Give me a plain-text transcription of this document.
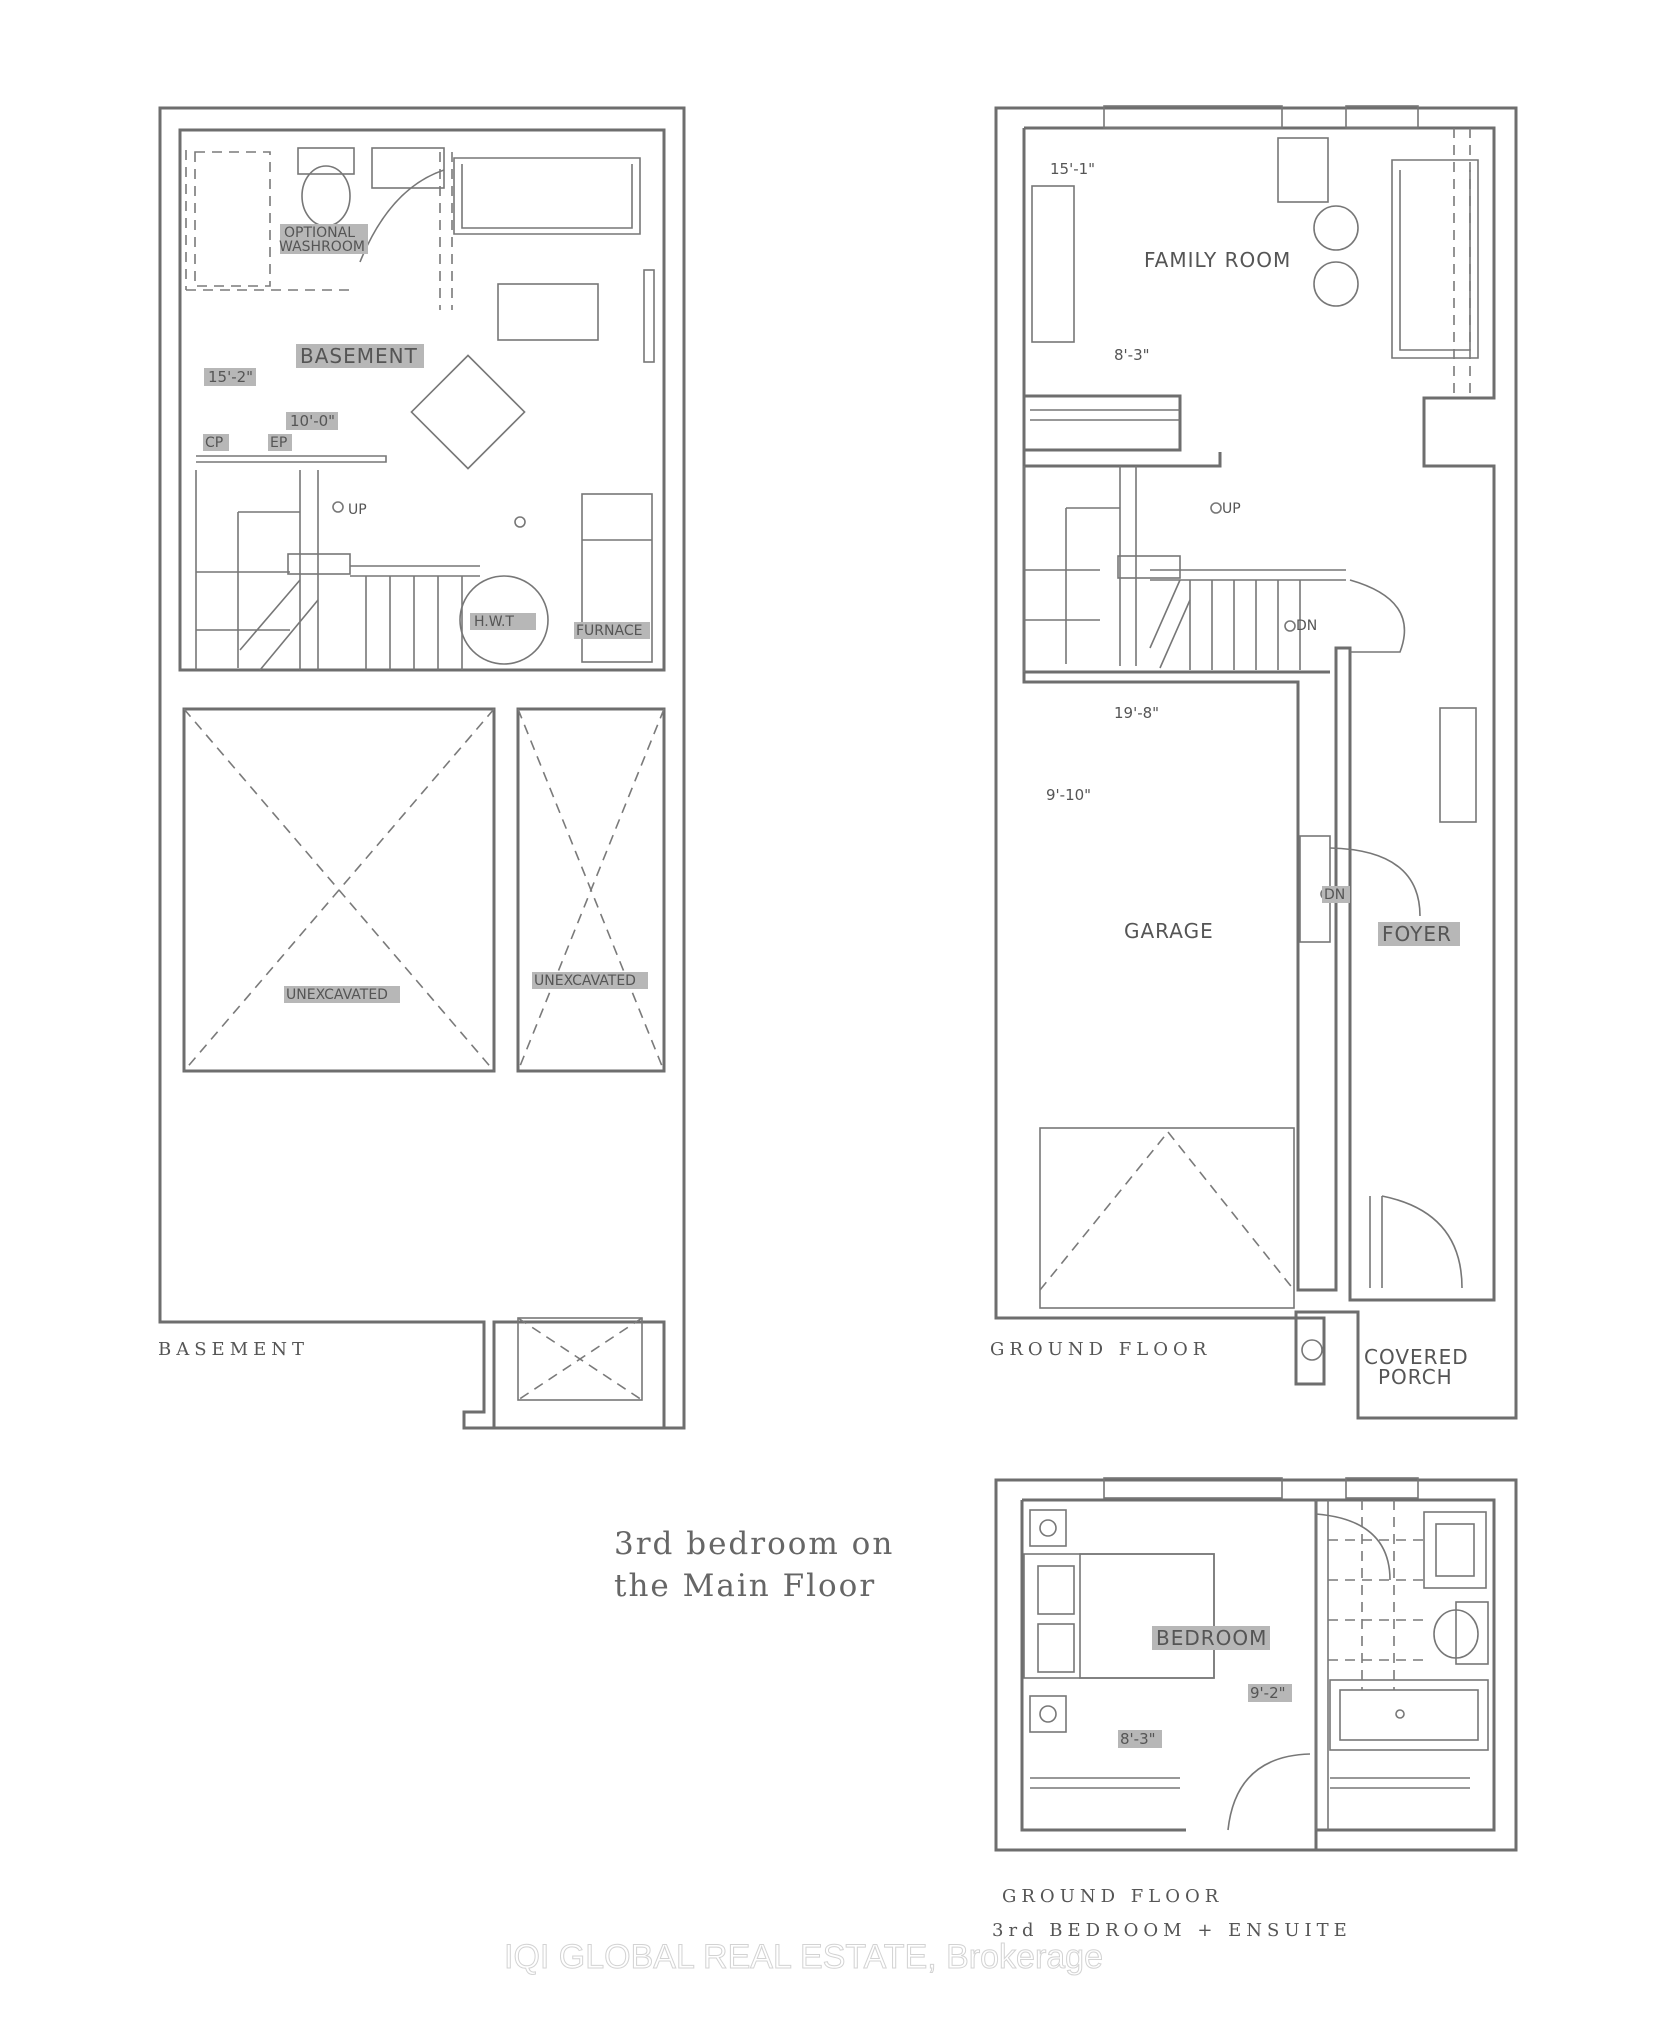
BASEMENT
OPTIONAL
WASHROOM
CP	EP
UP
H.W.T
FURNACE
UNEXCAVATED
UNEXCAVATED
15'-2"
10'-0"
FAMILY ROOM
15'-1"
8'-3"
UP
DN
19'-8"
9'-10"
GARAGE
DN
FOYER
COVERED
PORCH
BEDROOM
9'-2"
8'-3"
BASEMENT	GROUND FLOOR
GROUND FLOOR
3rd BEDROOM + ENSUITE
3rd bedroom on
the Main Floor
IQI GLOBAL REAL ESTATE, Brokerage
